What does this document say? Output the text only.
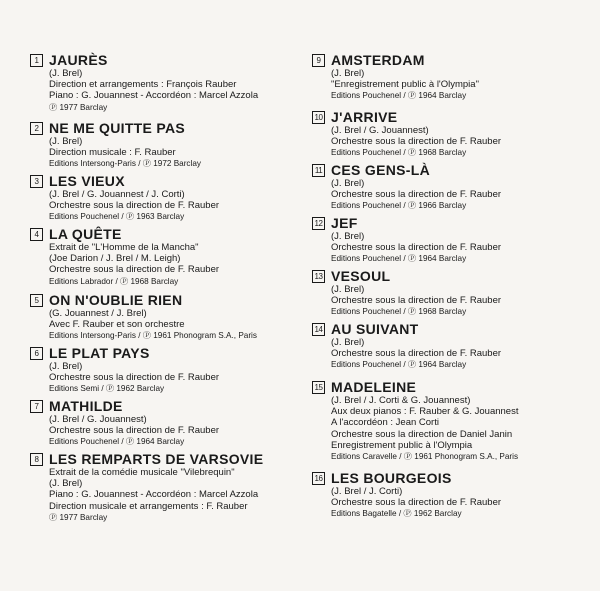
1 JAURÈS
(J. Brel)
Direction et arrangements : François Rauber
Piano : G. Jouannest - Accordéon : Marcel Azzola
Ⓟ 1977 Barclay
2 NE ME QUITTE PAS
(J. Brel)
Direction musicale : F. Rauber
Editions Intersong-Paris / Ⓟ 1972 Barclay
3 LES VIEUX
(J. Brel / G. Jouannest / J. Corti)
Orchestre sous la direction de F. Rauber
Editions Pouchenel / Ⓟ 1963 Barclay
4 LA QUÊTE
Extrait de "L'Homme de la Mancha"
(Joe Darion / J. Brel / M. Leigh)
Orchestre sous la direction de F. Rauber
Editions Labrador / Ⓟ 1968 Barclay
5 ON N'OUBLIE RIEN
(G. Jouannest / J. Brel)
Avec F. Rauber et son orchestre
Editions Intersong-Paris / Ⓟ 1961 Phonogram S.A., Paris
6 LE PLAT PAYS
(J. Brel)
Orchestre sous la direction de F. Rauber
Editions Semi / Ⓟ 1962 Barclay
7 MATHILDE
(J. Brel / G. Jouannest)
Orchestre sous la direction de F. Rauber
Editions Pouchenel / Ⓟ 1964 Barclay
8 LES REMPARTS DE VARSOVIE
Extrait de la comédie musicale "Vilebrequin"
(J. Brel)
Piano : G. Jouannest - Accordéon : Marcel Azzola
Direction musicale et arrangements : F. Rauber
Ⓟ 1977 Barclay
9 AMSTERDAM
(J. Brel)
"Enregistrement public à l'Olympia"
Editions Pouchenel / Ⓟ 1964 Barclay
10 J'ARRIVE
(J. Brel / G. Jouannest)
Orchestre sous la direction de F. Rauber
Editions Pouchenel / Ⓟ 1968 Barclay
11 CES GENS-LÀ
(J. Brel)
Orchestre sous la direction de F. Rauber
Editions Pouchenel / Ⓟ 1966 Barclay
12 JEF
(J. Brel)
Orchestre sous la direction de F. Rauber
Editions Pouchenel / Ⓟ 1964 Barclay
13 VESOUL
(J. Brel)
Orchestre sous la direction de F. Rauber
Editions Pouchenel / Ⓟ 1968 Barclay
14 AU SUIVANT
(J. Brel)
Orchestre sous la direction de F. Rauber
Editions Pouchenel / Ⓟ 1964 Barclay
15 MADELEINE
(J. Brel / J. Corti & G. Jouannest)
Aux deux pianos : F. Rauber & G. Jouannest
A l'accordéon : Jean Corti
Orchestre sous la direction de Daniel Janin
Enregistrement public à l'Olympia
Editions Caravelle / Ⓟ 1961 Phonogram S.A., Paris
16 LES BOURGEOIS
(J. Brel / J. Corti)
Orchestre sous la direction de F. Rauber
Editions Bagatelle / Ⓟ 1962 Barclay
